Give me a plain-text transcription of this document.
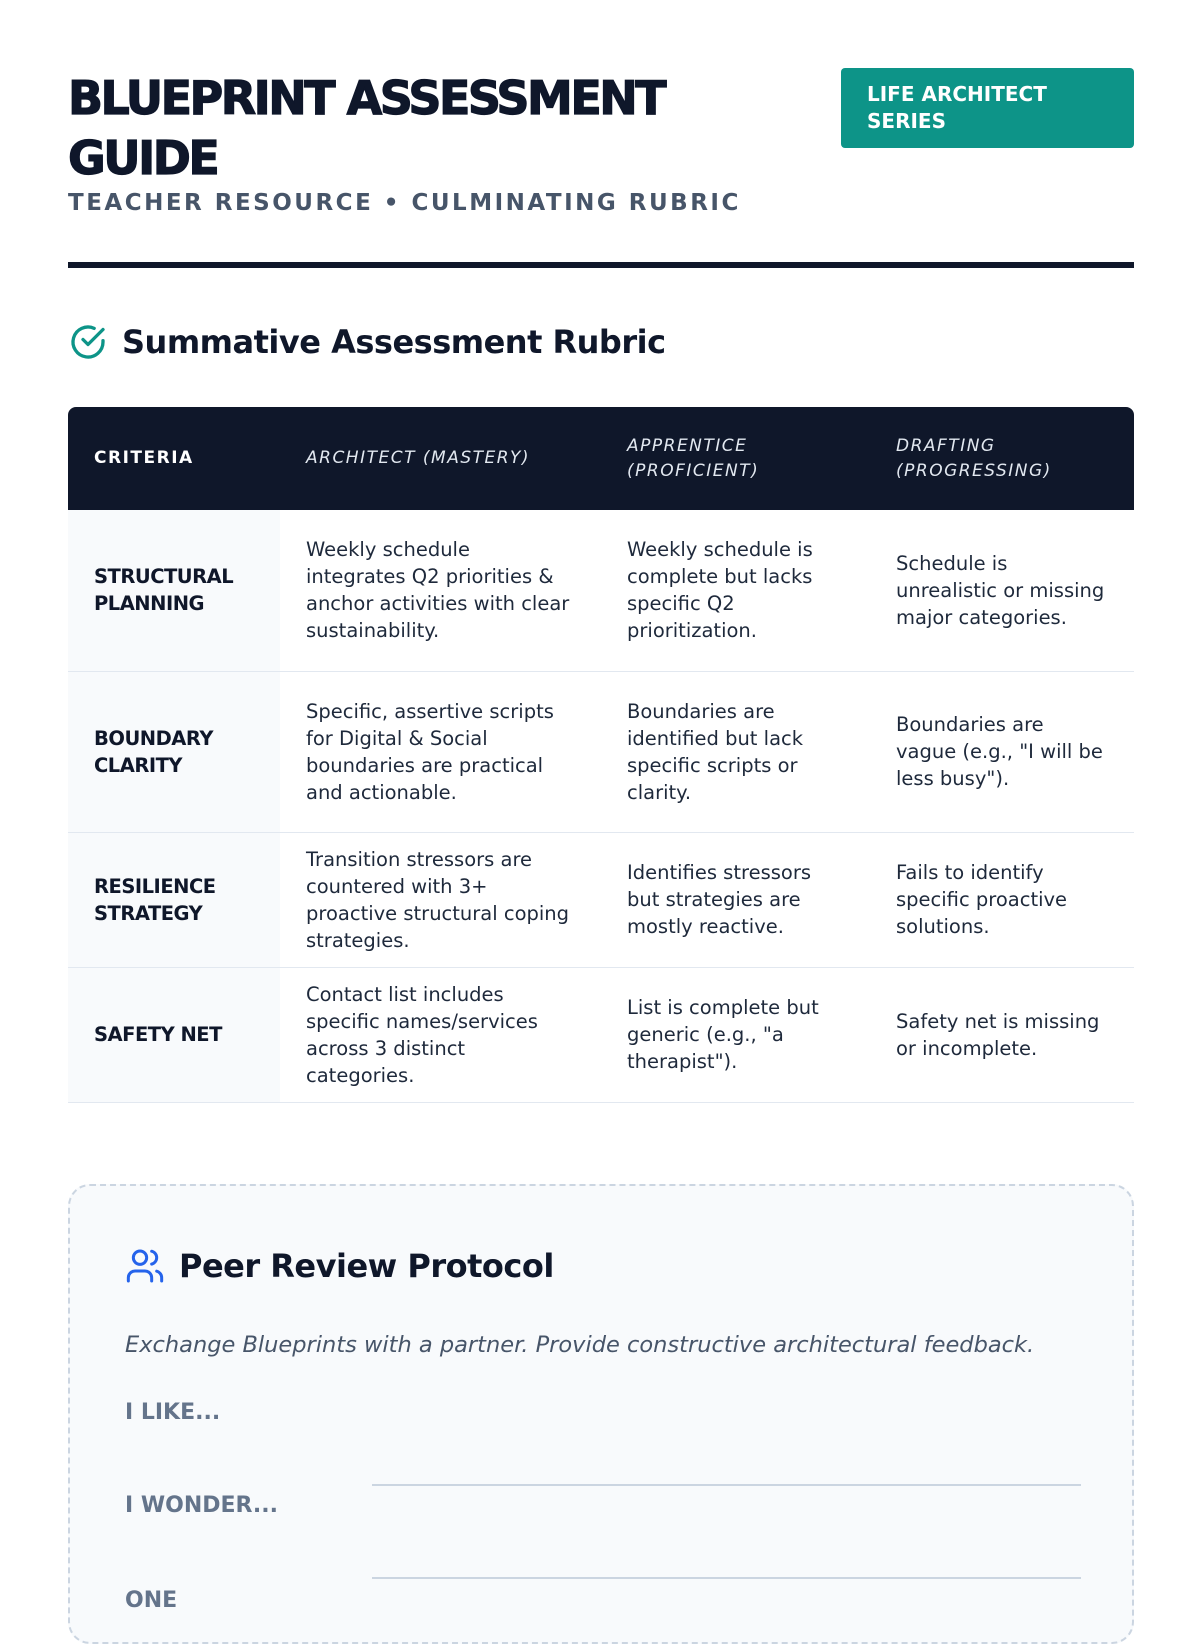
BLUEPRINT ASSESSMENT GUIDE
TEACHER RESOURCE • CULMINATING RUBRIC
LIFE ARCHITECT SERIES
Summative Assessment Rubric
CRITERIA	ARCHITECT (MASTERY)	APPRENTICE (PROFICIENT)	DRAFTING (PROGRESSING)
STRUCTURAL PLANNING	Weekly schedule integrates Q2 priorities & anchor activities with clear sustainability.	Weekly schedule is complete but lacks specific Q2 prioritization.	Schedule is unrealistic or missing major categories.
BOUNDARY CLARITY	Specific, assertive scripts for Digital & Social boundaries are practical and actionable.	Boundaries are identified but lack specific scripts or clarity.	Boundaries are vague (e.g., "I will be less busy").
RESILIENCE STRATEGY	Transition stressors are countered with 3+ proactive structural coping strategies.	Identifies stressors but strategies are mostly reactive.	Fails to identify specific proactive solutions.
SAFETY NET	Contact list includes specific names/services across 3 distinct categories.	List is complete but generic (e.g., "a therapist").	Safety net is missing or incomplete.
Peer Review Protocol

Exchange Blueprints with a partner. Provide constructive architectural feedback.

I LIKE...
I WONDER...
ONE
